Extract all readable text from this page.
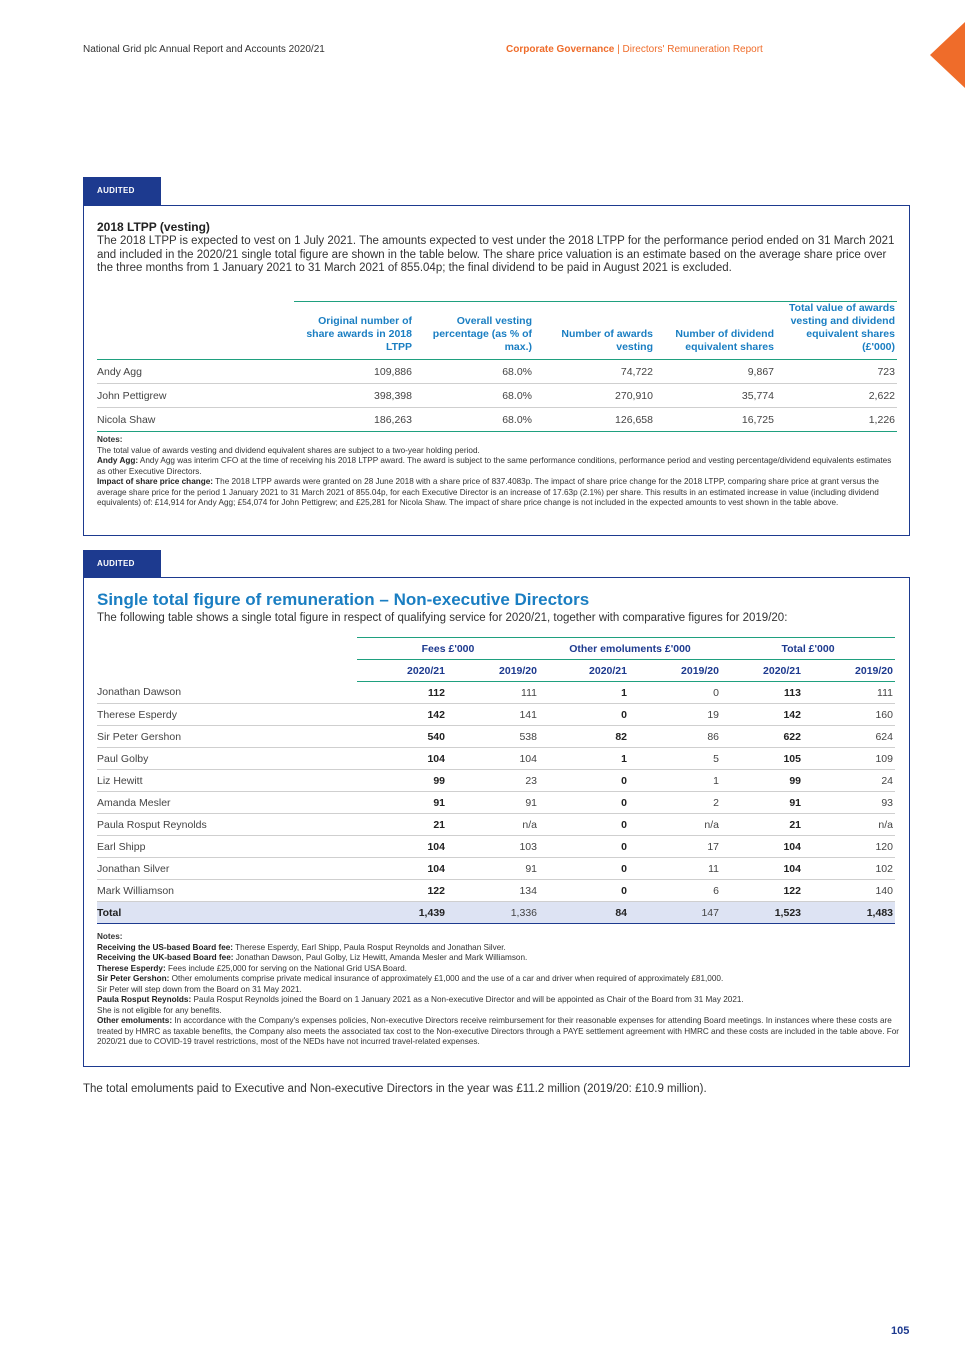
National Grid plc Annual Report and Accounts 2020/21	Corporate Governance | Directors' Remuneration Report
AUDITED
2018 LTPP (vesting)
The 2018 LTPP is expected to vest on 1 July 2021. The amounts expected to vest under the 2018 LTPP for the performance period ended on 31 March 2021 and included in the 2020/21 single total figure are shown in the table below. The share price valuation is an estimate based on the average share price over the three months from 1 January 2021 to 31 March 2021 of 855.04p; the final dividend to be paid in August 2021 is excluded.
	Original number of share awards in 2018 LTPP	Overall vesting percentage (as % of max.)	Number of awards vesting	Number of dividend equivalent shares	Total value of awards vesting and dividend equivalent shares (£'000)
Andy Agg	109,886	68.0%	74,722	9,867	723
John Pettigrew	398,398	68.0%	270,910	35,774	2,622
Nicola Shaw	186,263	68.0%	126,658	16,725	1,226
Notes:
The total value of awards vesting and dividend equivalent shares are subject to a two-year holding period.
Andy Agg: Andy Agg was interim CFO at the time of receiving his 2018 LTPP award. The award is subject to the same performance conditions, performance period and vesting percentage/dividend equivalents estimates as other Executive Directors.
Impact of share price change: The 2018 LTPP awards were granted on 28 June 2018 with a share price of 837.4083p. The impact of share price change for the 2018 LTPP, comparing share price at grant versus the average share price for the period 1 January 2021 to 31 March 2021 of 855.04p, for each Executive Director is an increase of 17.63p (2.1%) per share. This results in an estimated increase in value (including dividend equivalents) of: £14,914 for Andy Agg; £54,074 for John Pettigrew; and £25,281 for Nicola Shaw. The impact of share price change is not included in the expected amounts to vest shown in the table above.
AUDITED
Single total figure of remuneration – Non-executive Directors
The following table shows a single total figure in respect of qualifying service for 2020/21, together with comparative figures for 2019/20:
	Fees £'000		Other emoluments £'000		Total £'000	
	2020/21	2019/20	2020/21	2019/20	2020/21	2019/20
Jonathan Dawson	112	111	1	0	113	111
Therese Esperdy	142	141	0	19	142	160
Sir Peter Gershon	540	538	82	86	622	624
Paul Golby	104	104	1	5	105	109
Liz Hewitt	99	23	0	1	99	24
Amanda Mesler	91	91	0	2	91	93
Paula Rosput Reynolds	21	n/a	0	n/a	21	n/a
Earl Shipp	104	103	0	17	104	120
Jonathan Silver	104	91	0	11	104	102
Mark Williamson	122	134	0	6	122	140
Total	1,439	1,336	84	147	1,523	1,483
Notes:
Receiving the US-based Board fee: Therese Esperdy, Earl Shipp, Paula Rosput Reynolds and Jonathan Silver.
Receiving the UK-based Board fee: Jonathan Dawson, Paul Golby, Liz Hewitt, Amanda Mesler and Mark Williamson.
Therese Esperdy: Fees include £25,000 for serving on the National Grid USA Board.
Sir Peter Gershon: Other emoluments comprise private medical insurance of approximately £1,000 and the use of a car and driver when required of approximately £81,000.
Sir Peter will step down from the Board on 31 May 2021.
Paula Rosput Reynolds: Paula Rosput Reynolds joined the Board on 1 January 2021 as a Non-executive Director and will be appointed as Chair of the Board from 31 May 2021.
She is not eligible for any benefits.
Other emoluments: In accordance with the Company's expenses policies, Non-executive Directors receive reimbursement for their reasonable expenses for attending Board meetings. In instances where these costs are treated by HMRC as taxable benefits, the Company also meets the associated tax cost to the Non-executive Directors through a PAYE settlement agreement with HMRC and these costs are included in the table above. For 2020/21 due to COVID-19 travel restrictions, most of the NEDs have not incurred travel-related expenses.
The total emoluments paid to Executive and Non-executive Directors in the year was £11.2 million (2019/20: £10.9 million).
105
